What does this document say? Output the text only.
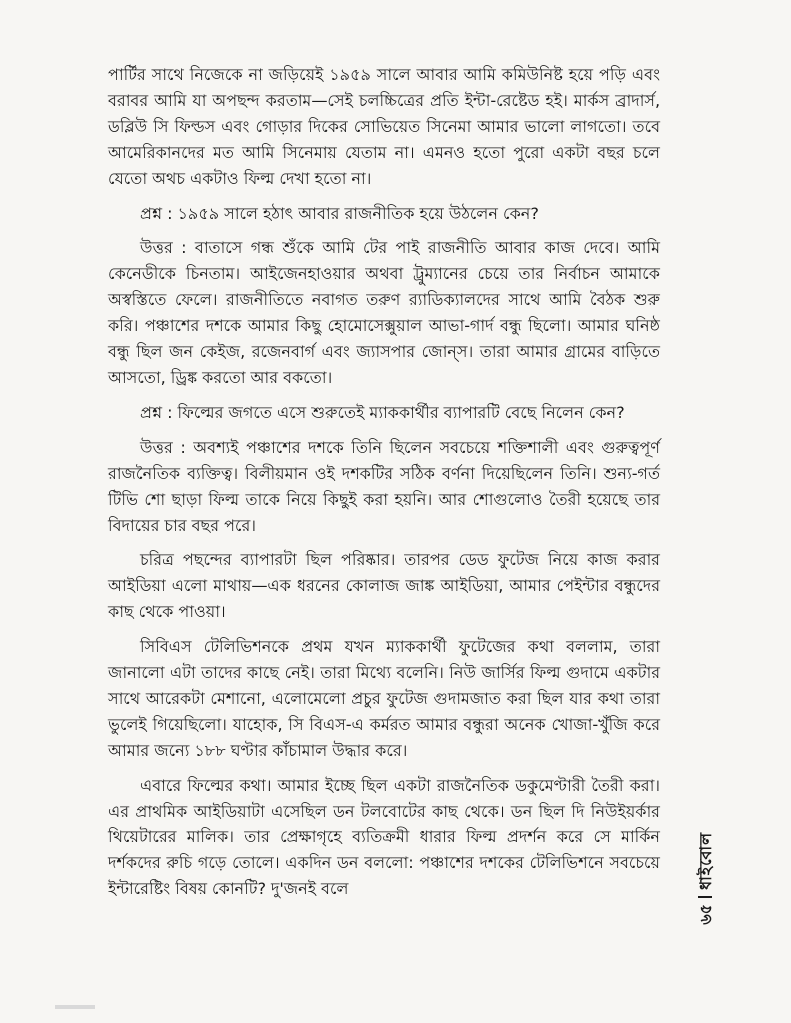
পার্টির সাথে নিজেকে না জড়িয়েই ১৯৫৯ সালে আবার আমি কমিউনিষ্ট হয়ে পড়ি এবং বরাবর আমি যা অপছন্দ করতাম—সেই চলচ্চিত্রের প্রতি ইন্টা-রেষ্টেড হই। মার্কস ব্রাদার্স, ডব্লিউ সি ফিল্ডস এবং গোড়ার দিকের সোভিয়েত সিনেমা আমার ভালো লাগতো। তবে আমেরিকানদের মত আমি সিনেমায় যেতাম না। এমনও হতো পুরো একটা বছর চলে যেতো অথচ একটাও ফিল্ম দেখা হতো না।

প্রশ্ন : ১৯৫৯ সালে হঠাৎ আবার রাজনীতিক হয়ে উঠলেন কেন?

উত্তর : বাতাসে গন্ধ শুঁকে আমি টের পাই রাজনীতি আবার কাজ দেবে। আমি কেনেডীকে চিনতাম। আইজেনহাওয়ার অথবা ট্রুম্যানের চেয়ে তার নির্বাচন আমাকে অস্বস্তিতে ফেলে। রাজনীতিতে নবাগত তরুণ র‍্যাডিক্যালদের সাথে আমি বৈঠক শুরু করি। পঞ্চাশের দশকে আমার কিছু হোমোসেক্সুয়াল আভা-গার্দ বন্ধু ছিলো। আমার ঘনিষ্ঠ বন্ধু ছিল জন কেইজ, রজেনবার্গ এবং জ্যাসপার জোন্‌স। তারা আমার গ্রামের বাড়িতে আসতো, ড্রিঙ্ক করতো আর বকতো।

প্রশ্ন : ফিল্মের জগতে এসে শুরুতেই ম্যাককার্থীর ব্যাপারটি বেছে নিলেন কেন?

উত্তর : অবশ্যই পঞ্চাশের দশকে তিনি ছিলেন সবচেয়ে শক্তিশালী এবং গুরুত্বপূর্ণ রাজনৈতিক ব্যক্তিত্ব। বিলীয়মান ওই দশকটির সঠিক বর্ণনা দিয়েছিলেন তিনি। শুন্য-গর্ত টিভি শো ছাড়া ফিল্ম তাকে নিয়ে কিছুই করা হয়নি। আর শোগুলোও তৈরী হয়েছে তার বিদায়ের চার বছর পরে।

চরিত্র পছন্দের ব্যাপারটা ছিল পরিষ্কার। তারপর ডেড ফুটেজ নিয়ে কাজ করার আইডিয়া এলো মাথায়—এক ধরনের কোলাজ জাঙ্ক আইডিয়া, আমার পেইন্টার বন্ধুদের কাছ থেকে পাওয়া।

সিবিএস টেলিভিশনকে প্রথম যখন ম্যাককার্থী ফুটেজের কথা বললাম, তারা জানালো এটা তাদের কাছে নেই। তারা মিথ্যে বলেনি। নিউ জার্সির ফিল্ম গুদামে একটার সাথে আরেকটা মেশানো, এলোমেলো প্রচুর ফুটেজ গুদামজাত করা ছিল যার কথা তারা ভুলেই গিয়েছিলো। যাহোক, সি বিএস-এ কর্মরত আমার বন্ধুরা অনেক খোজা-খুঁজি করে আমার জন্যে ১৮৮ ঘণ্টার কাঁচামাল উদ্ধার করে।

এবারে ফিল্মের কথা। আমার ইচ্ছে ছিল একটা রাজনৈতিক ডকুমেণ্টারী তৈরী করা। এর প্রাথমিক আইডিয়াটা এসেছিল ডন টলবোটের কাছ থেকে। ডন ছিল দি নিউইয়র্কার থিয়েটারের মালিক। তার প্রেক্ষাগৃহে ব্যতিক্রমী ধারার ফিল্ম প্রদর্শন করে সে মার্কিন দর্শকদের রুচি গড়ে তোলে। একদিন ডন বললো: পঞ্চাশের দশকের টেলিভিশনে সবচেয়ে ইন্টারেষ্টিং বিষয় কোনটি? দু'জনই বলে	ধাইবোল
৬৫
